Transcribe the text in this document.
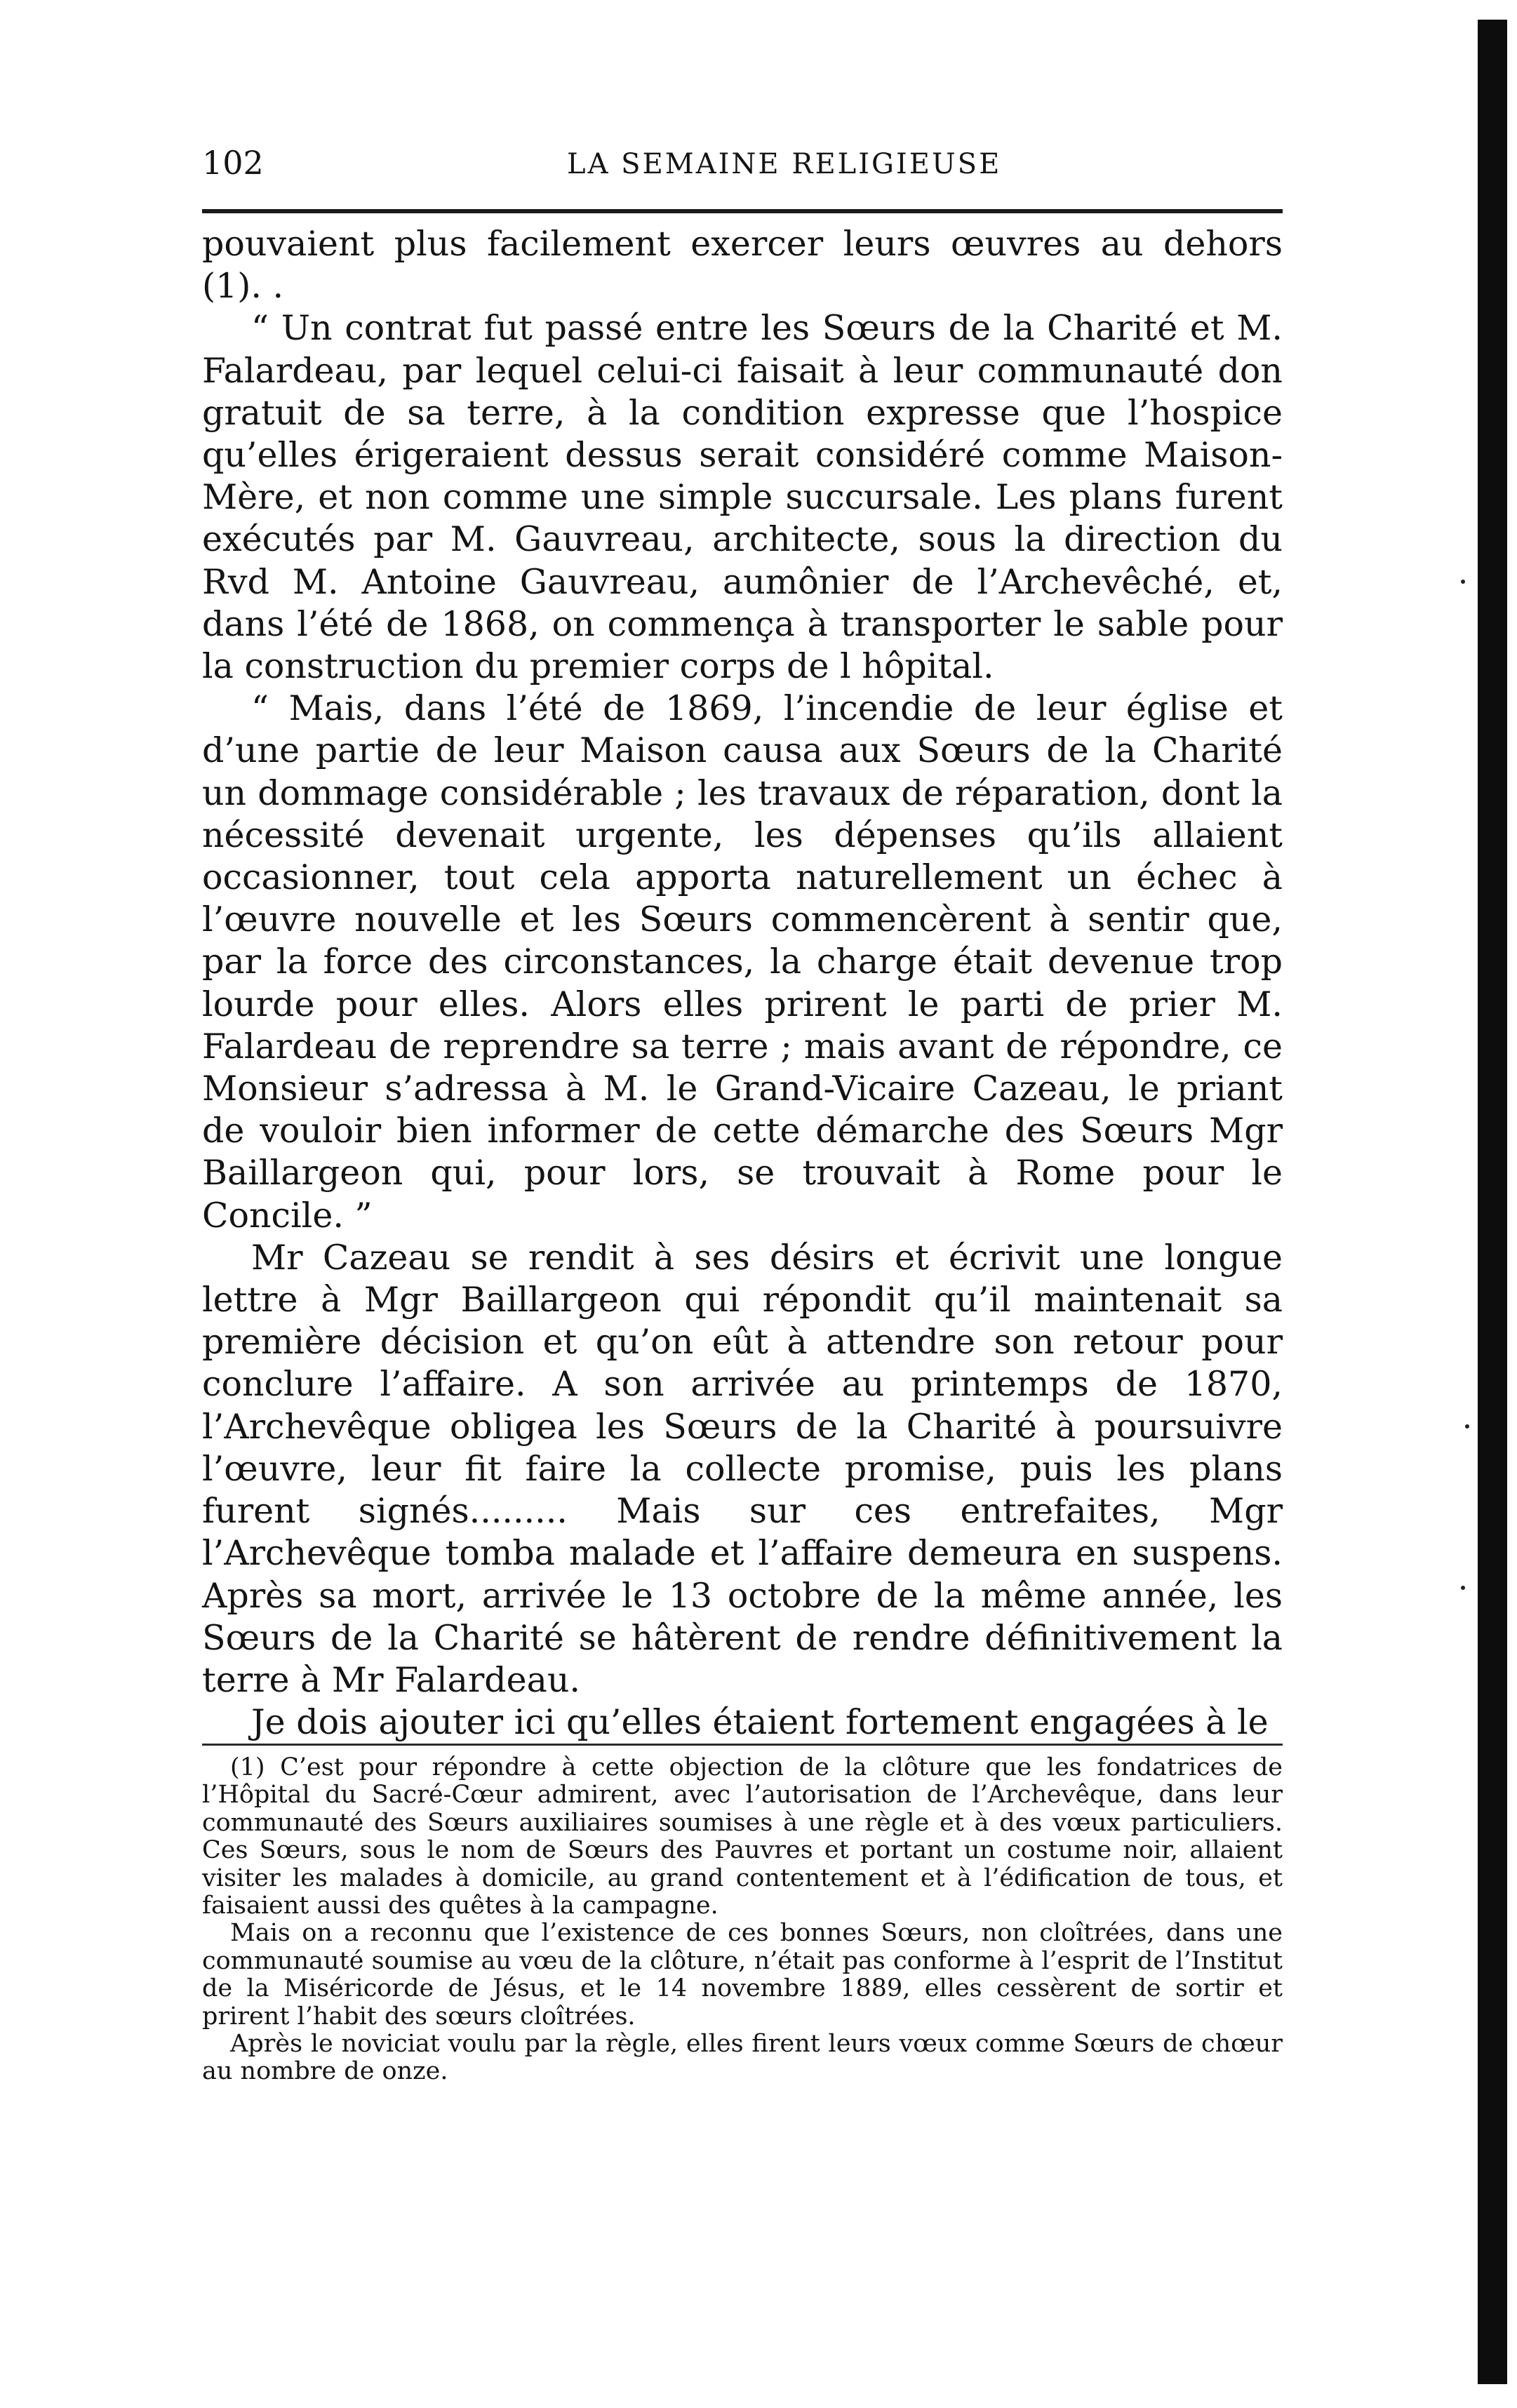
102	LA SEMAINE RELIGIEUSE

pouvaient plus facilement exercer leurs œuvres au dehors (1). .

“ Un contrat fut passé entre les Sœurs de la Charité et M. Falardeau, par lequel celui-ci faisait à leur communauté don gratuit de sa terre, à la condition expresse que l’hospice qu’elles érigeraient dessus serait considéré comme Maison-Mère, et non comme une simple succursale. Les plans furent exécutés par M. Gauvreau, architecte, sous la direction du Rvd M. Antoine Gauvreau, aumônier de l’Archevêché, et, dans l’été de 1868, on commença à transporter le sable pour la construction du premier corps de l hôpital.

“ Mais, dans l’été de 1869, l’incendie de leur église et d’une partie de leur Maison causa aux Sœurs de la Charité un dommage considérable ; les travaux de réparation, dont la nécessité devenait urgente, les dépenses qu’ils allaient occasionner, tout cela apporta naturellement un échec à l’œuvre nouvelle et les Sœurs commencèrent à sentir que, par la force des circonstances, la charge était devenue trop lourde pour elles. Alors elles prirent le parti de prier M. Falardeau de reprendre sa terre ; mais avant de répondre, ce Monsieur s’adressa à M. le Grand-Vicaire Cazeau, le priant de vouloir bien informer de cette démarche des Sœurs Mgr Baillargeon qui, pour lors, se trouvait à Rome pour le Concile. ”

Mr Cazeau se rendit à ses désirs et écrivit une longue lettre à Mgr Baillargeon qui répondit qu’il maintenait sa première décision et qu’on eût à attendre son retour pour conclure l’affaire. A son arrivée au printemps de 1870, l’Archevêque obligea les Sœurs de la Charité à poursuivre l’œuvre, leur fit faire la collecte promise, puis les plans furent signés......... Mais sur ces entrefaites, Mgr l’Archevêque tomba malade et l’affaire demeura en suspens. Après sa mort, arrivée le 13 octobre de la même année, les Sœurs de la Charité se hâtèrent de rendre définitivement la terre à Mr Falardeau.

Je dois ajouter ici qu’elles étaient fortement engagées à le

(1) C’est pour répondre à cette objection de la clôture que les fondatrices de l’Hôpital du Sacré-Cœur admirent, avec l’autorisation de l’Archevêque, dans leur communauté des Sœurs auxiliaires soumises à une règle et à des vœux particuliers. Ces Sœurs, sous le nom de Sœurs des Pauvres et portant un costume noir, allaient visiter les malades à domicile, au grand contentement et à l’édification de tous, et faisaient aussi des quêtes à la campagne.

Mais on a reconnu que l’existence de ces bonnes Sœurs, non cloîtrées, dans une communauté soumise au vœu de la clôture, n’était pas conforme à l’esprit de l’Institut de la Miséricorde de Jésus, et le 14 novembre 1889, elles cessèrent de sortir et prirent l’habit des sœurs cloîtrées.

Après le noviciat voulu par la règle, elles firent leurs vœux comme Sœurs de chœur au nombre de onze.
